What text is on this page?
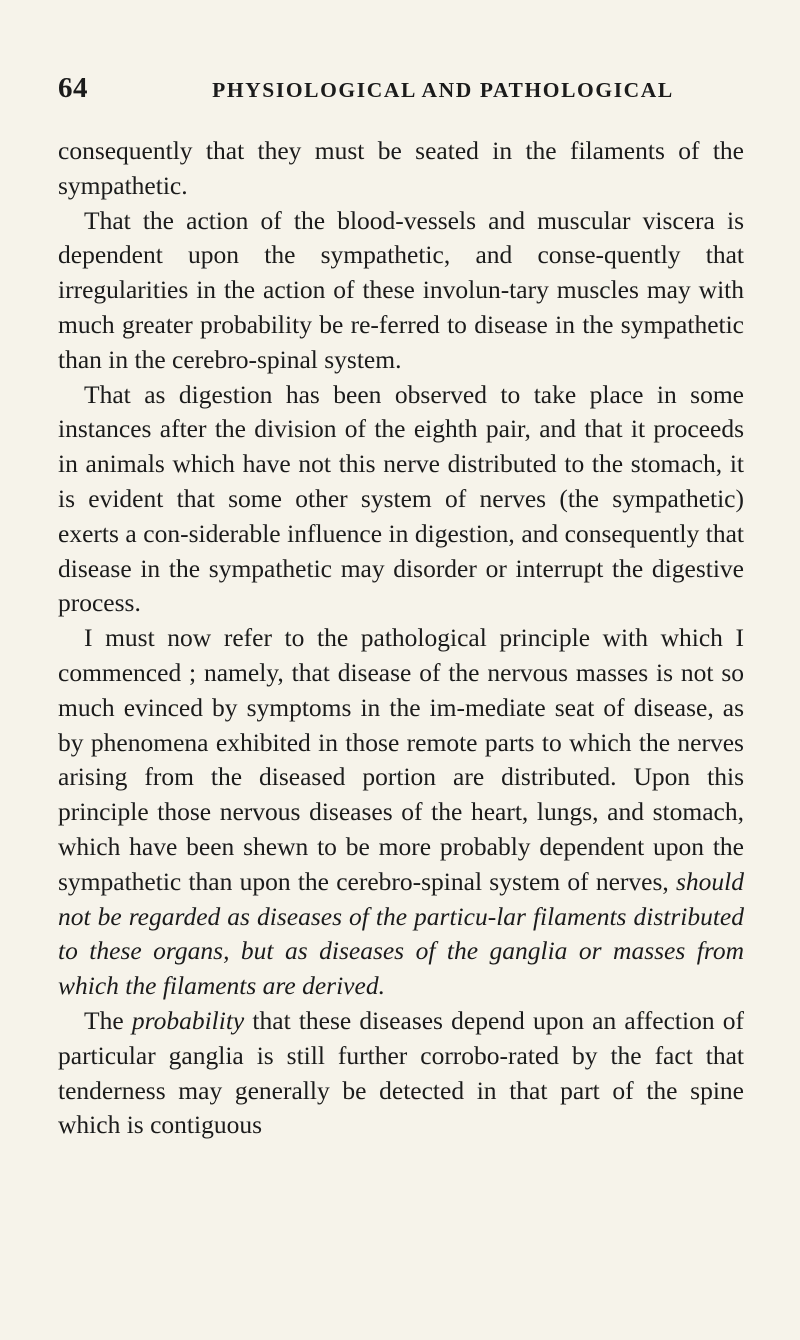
64	PHYSIOLOGICAL AND PATHOLOGICAL

consequently that they must be seated in the filaments of the sympathetic.

That the action of the blood-vessels and muscular viscera is dependent upon the sympathetic, and conse-quently that irregularities in the action of these involun-tary muscles may with much greater probability be re-ferred to disease in the sympathetic than in the cerebro-spinal system.

That as digestion has been observed to take place in some instances after the division of the eighth pair, and that it proceeds in animals which have not this nerve distributed to the stomach, it is evident that some other system of nerves (the sympathetic) exerts a con-siderable influence in digestion, and consequently that disease in the sympathetic may disorder or interrupt the digestive process.

I must now refer to the pathological principle with which I commenced ; namely, that disease of the nervous masses is not so much evinced by symptoms in the im-mediate seat of disease, as by phenomena exhibited in those remote parts to which the nerves arising from the diseased portion are distributed. Upon this principle those nervous diseases of the heart, lungs, and stomach, which have been shewn to be more probably dependent upon the sympathetic than upon the cerebro-spinal system of nerves, should not be regarded as diseases of the particu-lar filaments distributed to these organs, but as diseases of the ganglia or masses from which the filaments are derived.

The probability that these diseases depend upon an affection of particular ganglia is still further corrobo-rated by the fact that tenderness may generally be detected in that part of the spine which is contiguous
